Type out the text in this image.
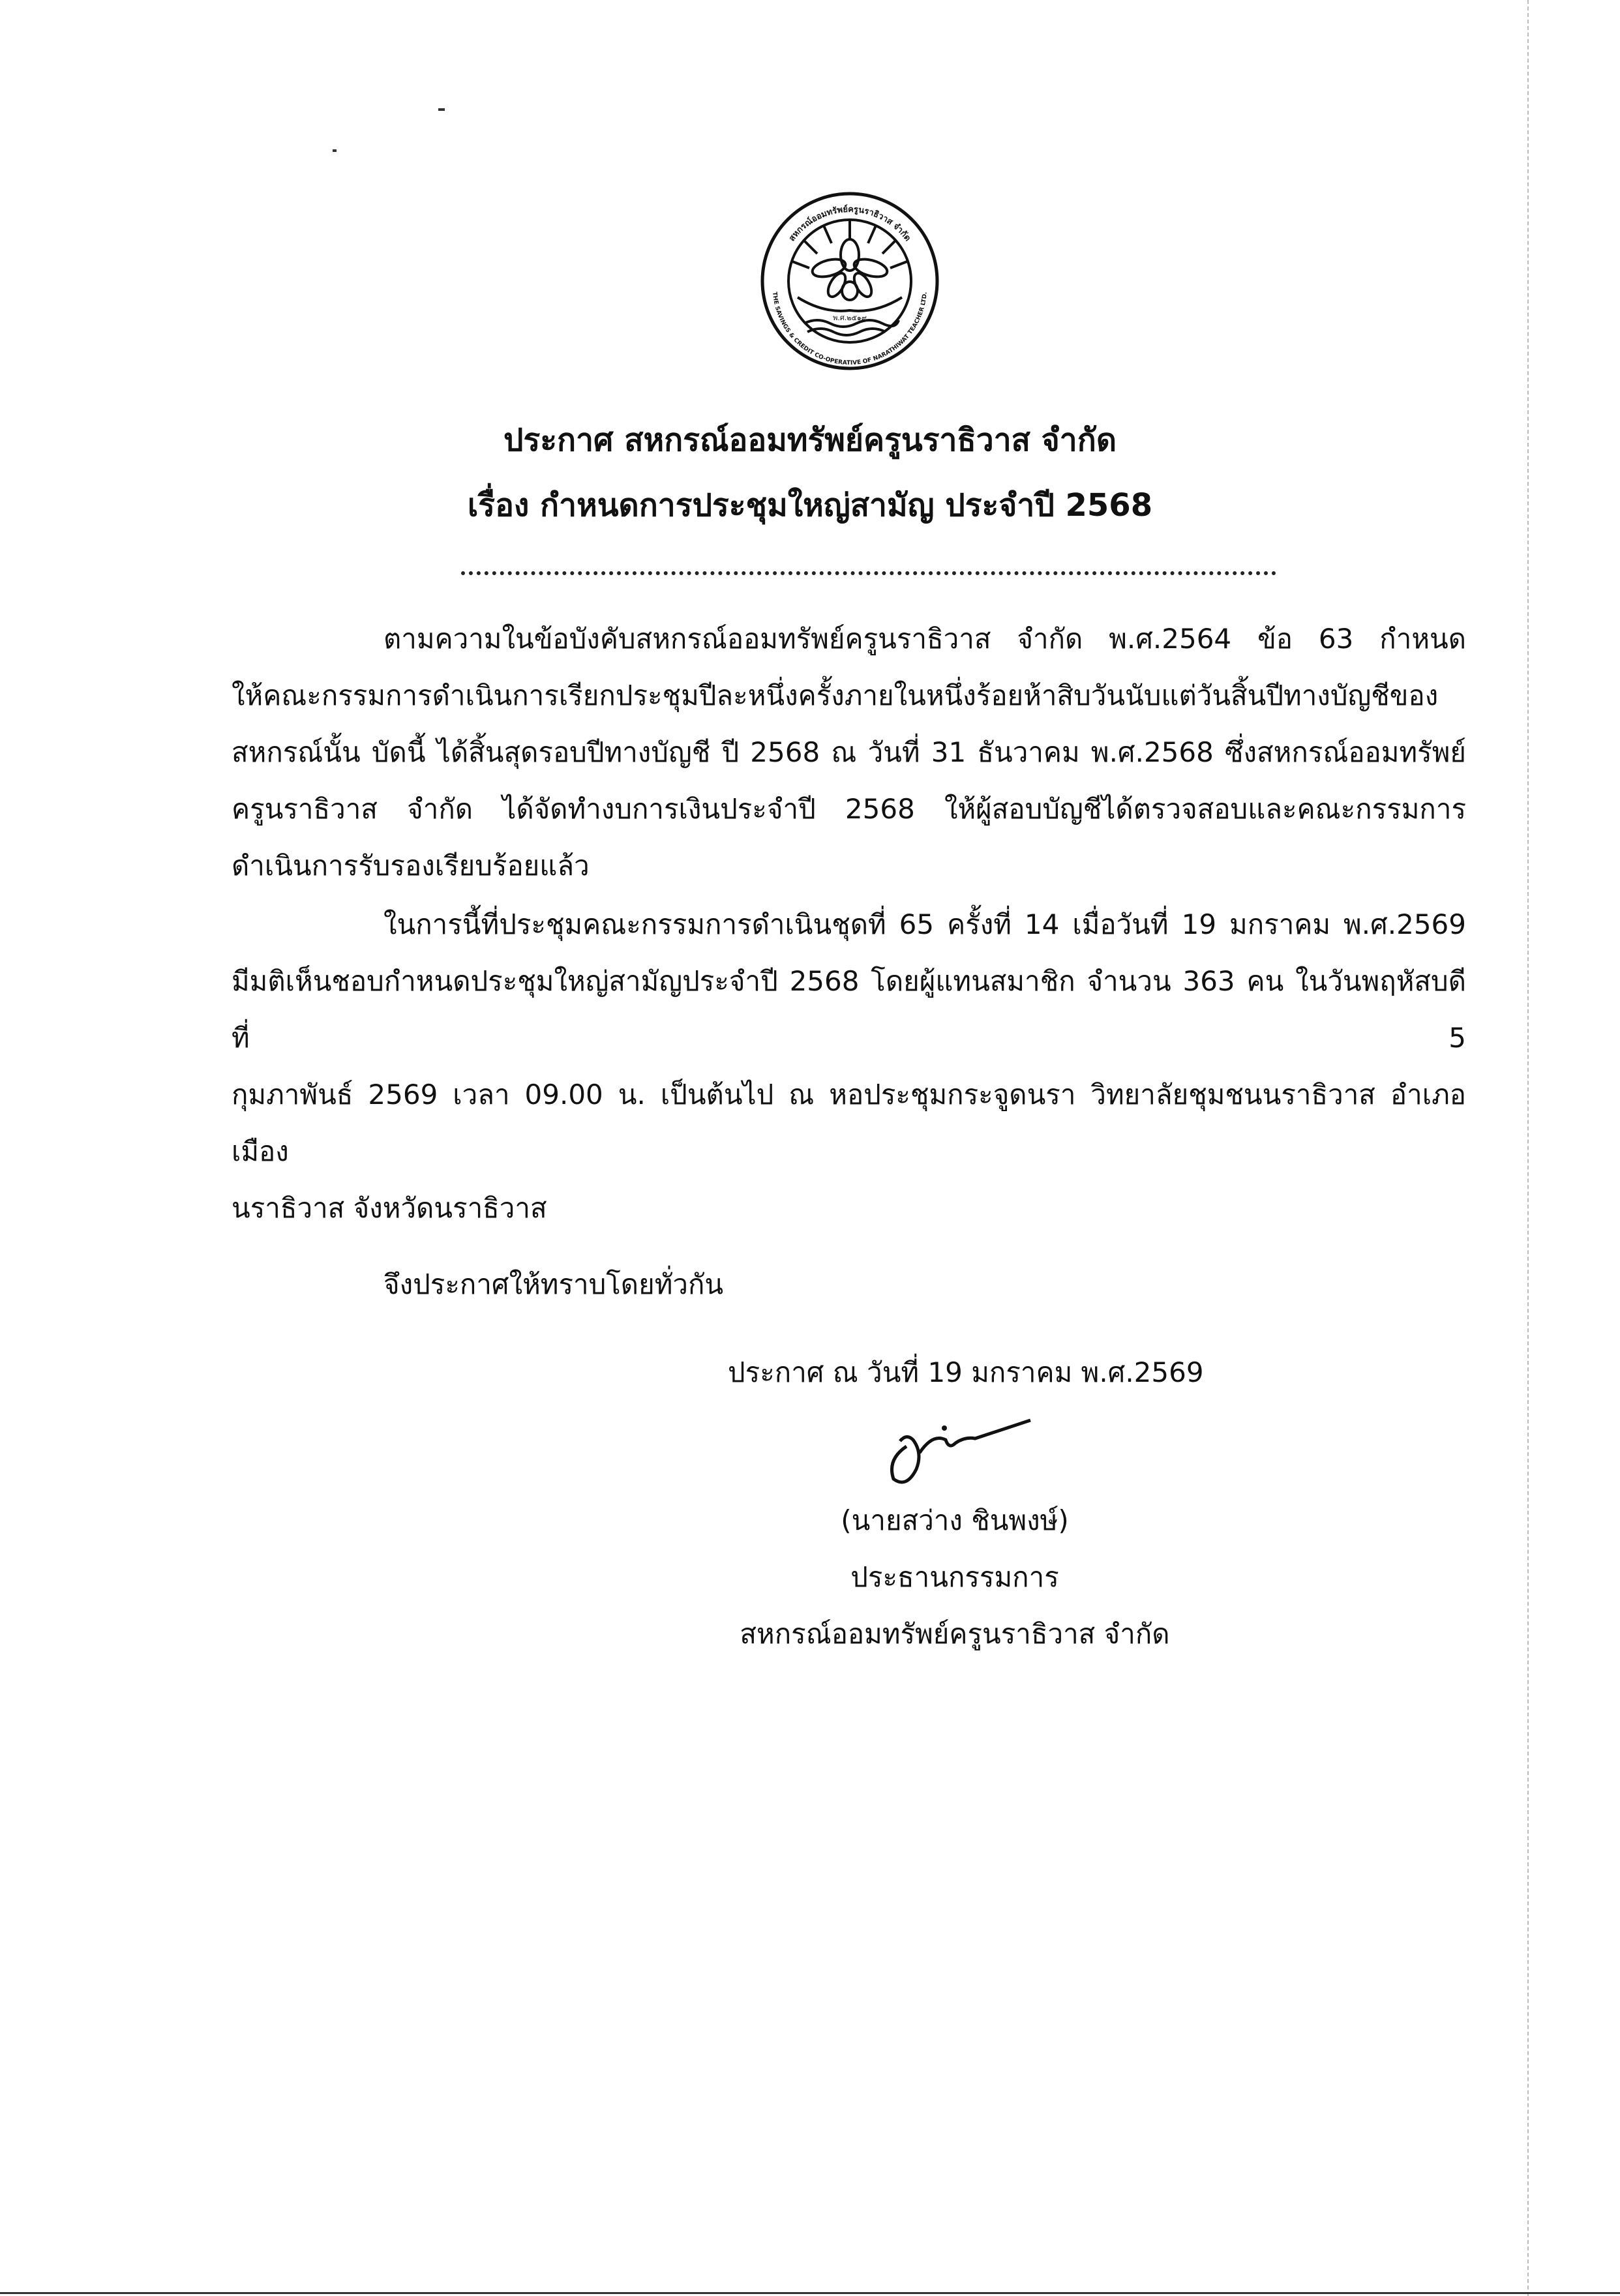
สหกรณ์ออมทรัพย์ครูนราธิวาส จำกัด
THE SAVINGS & CREDIT CO-OPERATIVE OF NARATHIWAT TEACHER LTD.
พ.ศ.๒๕๑๙
ประกาศ สหกรณ์ออมทรัพย์ครูนราธิวาส จำกัด
เรื่อง กำหนดการประชุมใหญ่สามัญ ประจำปี 2568
ตามความในข้อบังคับสหกรณ์ออมทรัพย์ครูนราธิวาส จำกัด พ.ศ.2564 ข้อ 63 กำหนด
ให้คณะกรรมการดำเนินการเรียกประชุมปีละหนึ่งครั้งภายในหนึ่งร้อยห้าสิบวันนับแต่วันสิ้นปีทางบัญชีของ
สหกรณ์นั้น บัดนี้ ได้สิ้นสุดรอบปีทางบัญชี ปี 2568 ณ วันที่ 31 ธันวาคม พ.ศ.2568 ซึ่งสหกรณ์ออมทรัพย์
ครูนราธิวาส จำกัด ได้จัดทำงบการเงินประจำปี 2568 ให้ผู้สอบบัญชีได้ตรวจสอบและคณะกรรมการ
ดำเนินการรับรองเรียบร้อยแล้ว
ในการนี้ที่ประชุมคณะกรรมการดำเนินชุดที่ 65 ครั้งที่ 14 เมื่อวันที่ 19 มกราคม พ.ศ.2569
มีมติเห็นชอบกำหนดประชุมใหญ่สามัญประจำปี 2568 โดยผู้แทนสมาชิก จำนวน 363 คน ในวันพฤหัสบดีที่ 5
กุมภาพันธ์ 2569 เวลา 09.00 น. เป็นต้นไป ณ หอประชุมกระจูดนรา วิทยาลัยชุมชนนราธิวาส อำเภอเมือง
นราธิวาส จังหวัดนราธิวาส
จึงประกาศให้ทราบโดยทั่วกัน
ประกาศ ณ วันที่ 19 มกราคม พ.ศ.2569
(นายสว่าง ชินพงษ์)
ประธานกรรมการ
สหกรณ์ออมทรัพย์ครูนราธิวาส จำกัด
